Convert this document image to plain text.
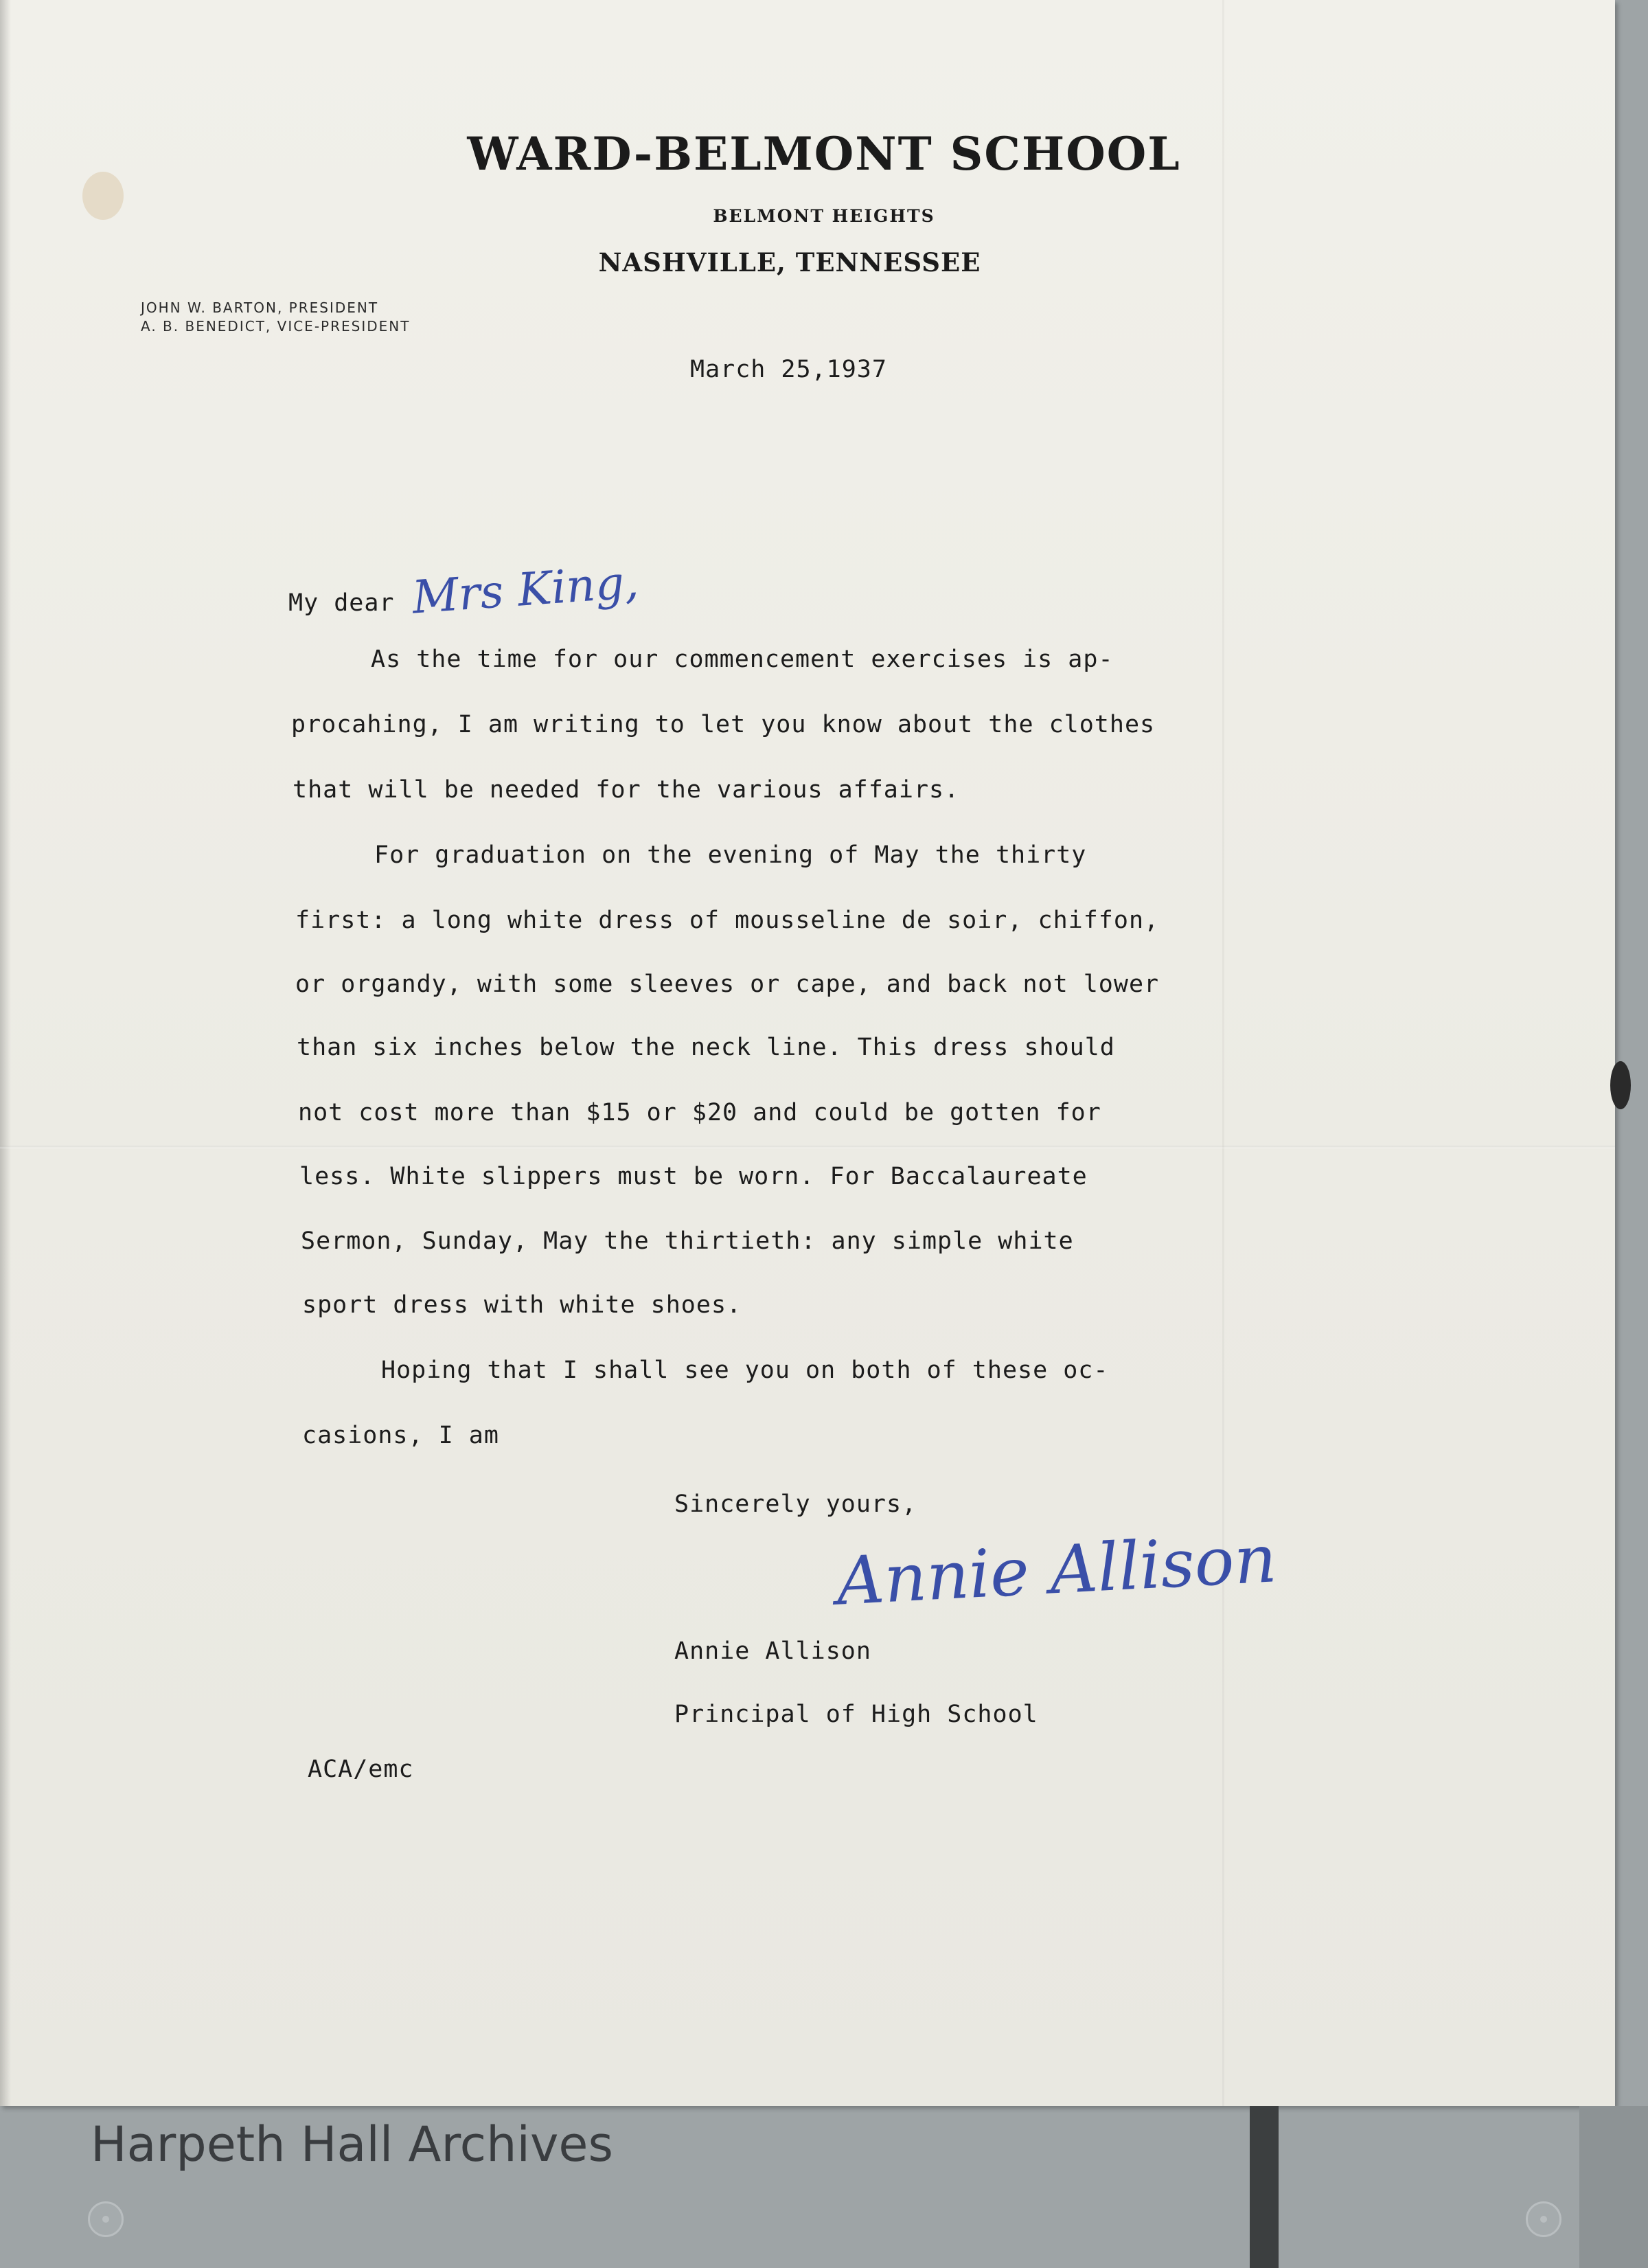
WARD-BELMONT SCHOOL
BELMONT HEIGHTS
NASHVILLE, TENNESSEE
JOHN W. BARTON, PRESIDENT
A. B. BENEDICT, VICE-PRESIDENT
March 25,1937
My dear Mrs King,
As the time for our commencement exercises is ap-
procahing, I am writing to let you know about the clothes
that will be needed for the various affairs.
For graduation on the evening of May the thirty
first: a long white dress of mousseline de soir, chiffon,
or organdy, with some sleeves or cape, and back not lower
than six inches below the neck line. This dress should
not cost more than $15 or $20 and could be gotten for
less. White slippers must be worn. For Baccalaureate
Sermon, Sunday, May the thirtieth: any simple white
sport dress with white shoes.
Hoping that I shall see you on both of these oc-
casions, I am
Sincerely yours,
Annie Allison
Annie Allison
Principal of High School
ACA/emc
Harpeth Hall Archives
